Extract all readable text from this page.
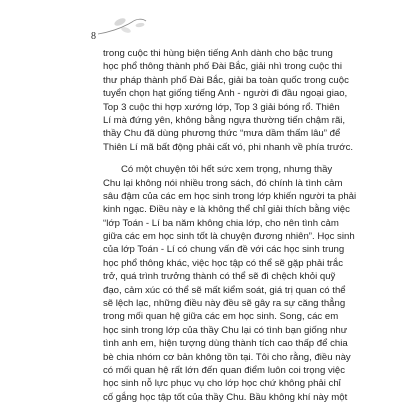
8
trong cuộc thi hùng biện tiếng Anh dành cho bậc trung
học phổ thông thành phố Đài Bắc, giải nhì trong cuộc thi
thư pháp thành phố Đài Bắc, giải ba toàn quốc trong cuộc
tuyển chọn hạt giống tiếng Anh - người đi đầu ngoại giao,
Top 3 cuộc thi hợp xướng lớp, Top 3 giải bóng rổ. Thiên
Lí mà đứng yên, không bằng ngựa thường tiến chậm rãi,
thầy Chu đã dùng phương thức “mưa dầm thấm lâu” để
Thiên Lí mã bất động phải cất vó, phi nhanh về phía trước.
Có một chuyện tôi hết sức xem trọng, nhưng thầy
Chu lại không nói nhiều trong sách, đó chính là tình cảm
sâu đậm của các em học sinh trong lớp khiến người ta phải
kinh ngạc. Điều này e là không thể chỉ giải thích bằng việc
“lớp Toán - Lí ba năm không chia lớp, cho nên tình cảm
giữa các em học sinh tốt là chuyện đương nhiên”. Học sinh
của lớp Toán - Lí có chung vấn đề với các học sinh trung
học phổ thông khác, việc học tập có thể sẽ gặp phải trắc
trở, quá trình trưởng thành có thể sẽ đi chệch khỏi quỹ
đạo, cảm xúc có thể sẽ mất kiểm soát, giá trị quan có thể
sẽ lệch lạc, những điều này đều sẽ gây ra sự căng thẳng
trong mối quan hệ giữa các em học sinh. Song, các em
học sinh trong lớp của thầy Chu lại có tình bạn giống như
tình anh em, hiện tượng dùng thành tích cao thấp để chia
bè chia nhóm cơ bản không tồn tại. Tôi cho rằng, điều này
có mối quan hệ rất lớn đến quan điểm luôn coi trọng việc
học sinh nỗ lực phục vụ cho lớp học chứ không phải chỉ
cố gắng học tập tốt của thầy Chu. Bầu không khí này một
